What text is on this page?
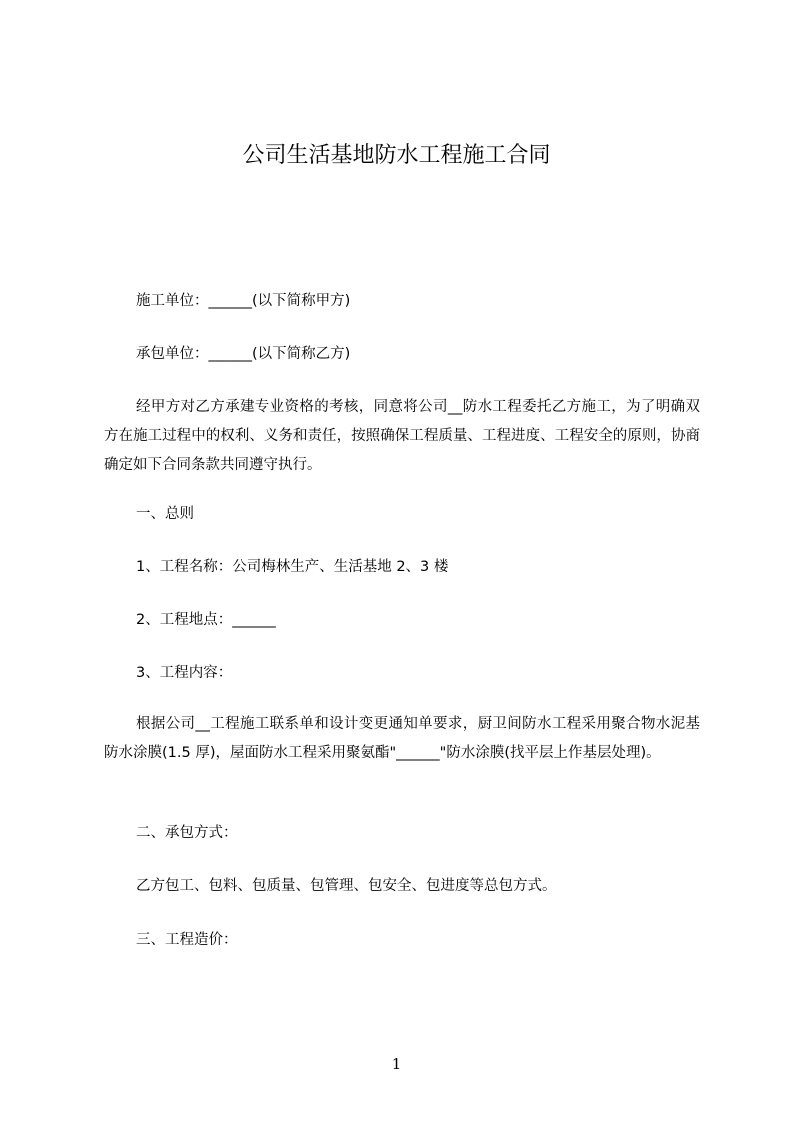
公司生活基地防水工程施工合同

施工单位：______(以下简称甲方)

承包单位：______(以下简称乙方)

经甲方对乙方承建专业资格的考核，同意将公司__防水工程委托乙方施工，为了明确双方在施工过程中的权利、义务和责任，按照确保工程质量、工程进度、工程安全的原则，协商确定如下合同条款共同遵守执行。

一、总则

1、工程名称：公司梅林生产、生活基地 2、3 楼

2、工程地点：______

3、工程内容：

根据公司__工程施工联系单和设计变更通知单要求，厨卫间防水工程采用聚合物水泥基防水涂膜(1.5 厚)，屋面防水工程采用聚氨酯"______"防水涂膜(找平层上作基层处理)。

二、承包方式：

乙方包工、包料、包质量、包管理、包安全、包进度等总包方式。

三、工程造价：

1
